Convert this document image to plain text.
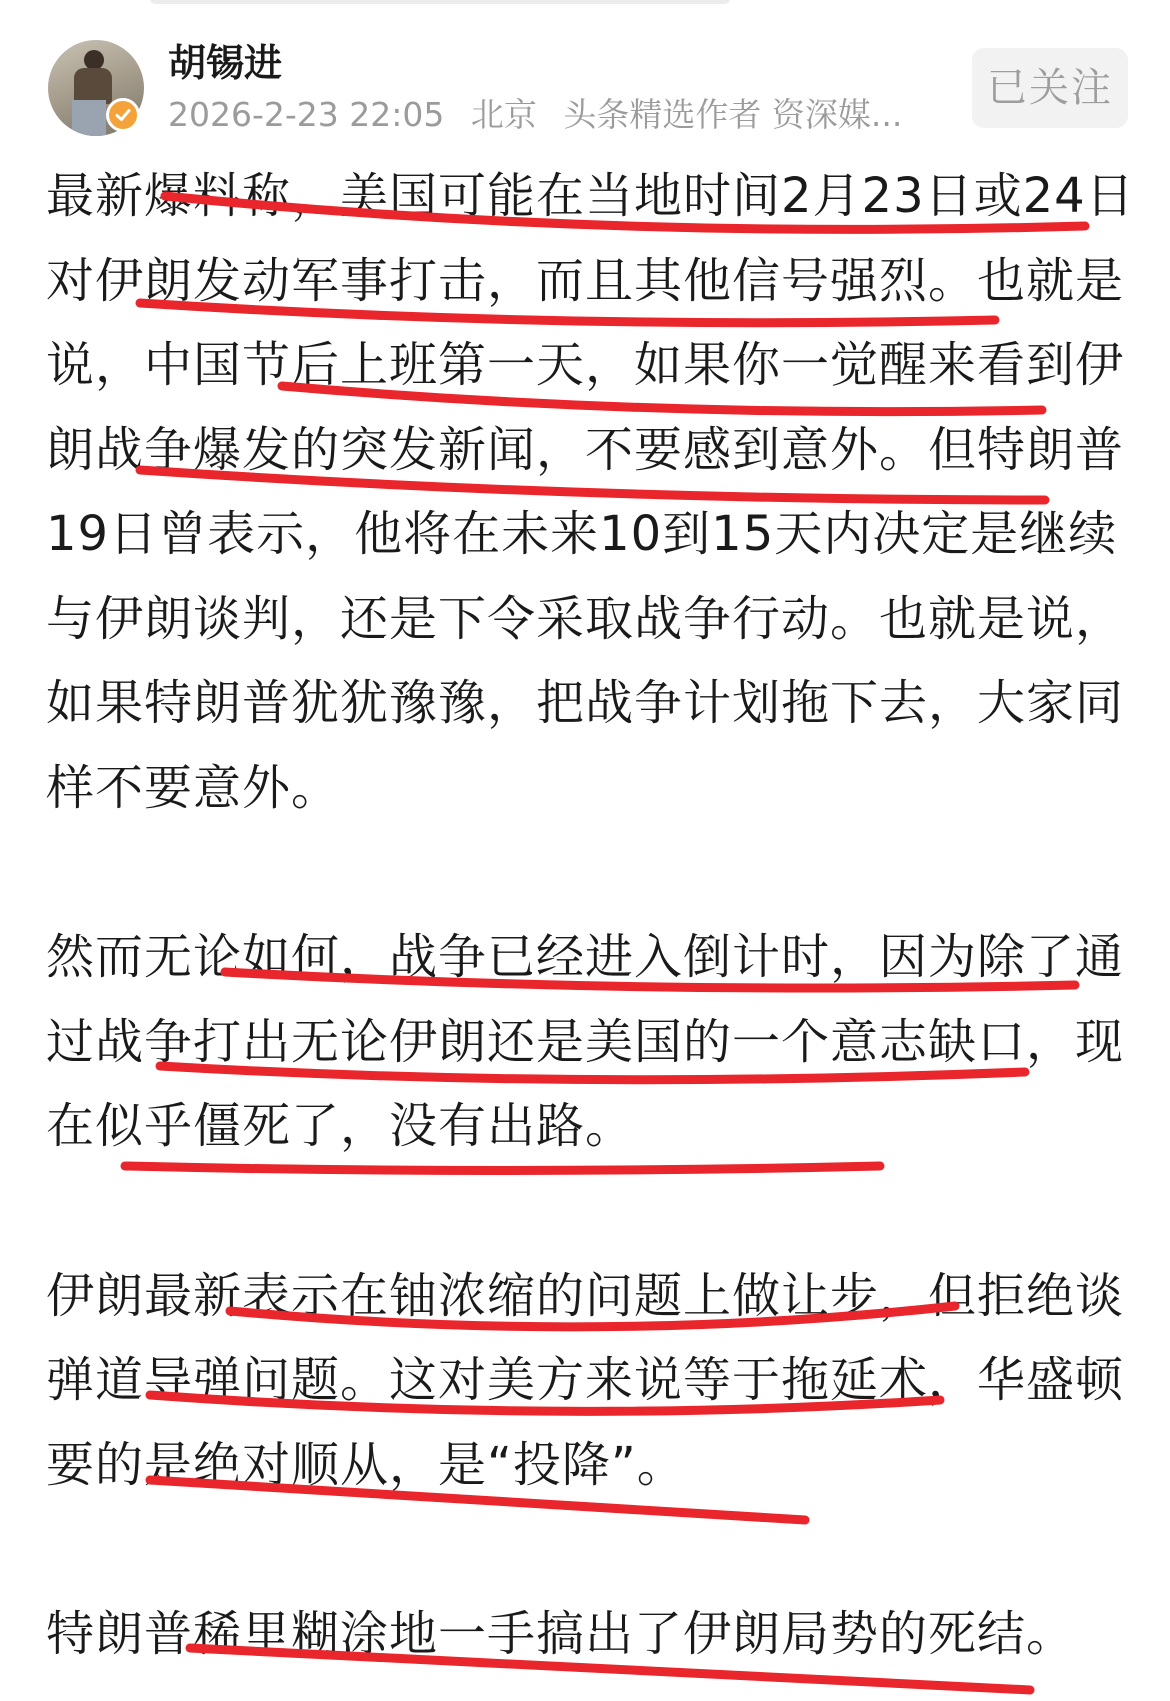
胡锡进
2026-2-23 22:05 北京 头条精选作者 资深媒...
已关注

最新爆料称，美国可能在当地时间2月23日或24日对伊朗发动军事打击，而且其他信号强烈。也就是说，中国节后上班第一天，如果你一觉醒来看到伊朗战争爆发的突发新闻，不要感到意外。但特朗普19日曾表示，他将在未来10到15天内决定是继续与伊朗谈判，还是下令采取战争行动。也就是说，如果特朗普犹犹豫豫，把战争计划拖下去，大家同样不要意外。

然而无论如何，战争已经进入倒计时，因为除了通过战争打出无论伊朗还是美国的一个意志缺口，现在似乎僵死了，没有出路。

伊朗最新表示在铀浓缩的问题上做让步，但拒绝谈弹道导弹问题。这对美方来说等于拖延术，华盛顿要的是绝对顺从，是“投降”。

特朗普稀里糊涂地一手搞出了伊朗局势的死结。
